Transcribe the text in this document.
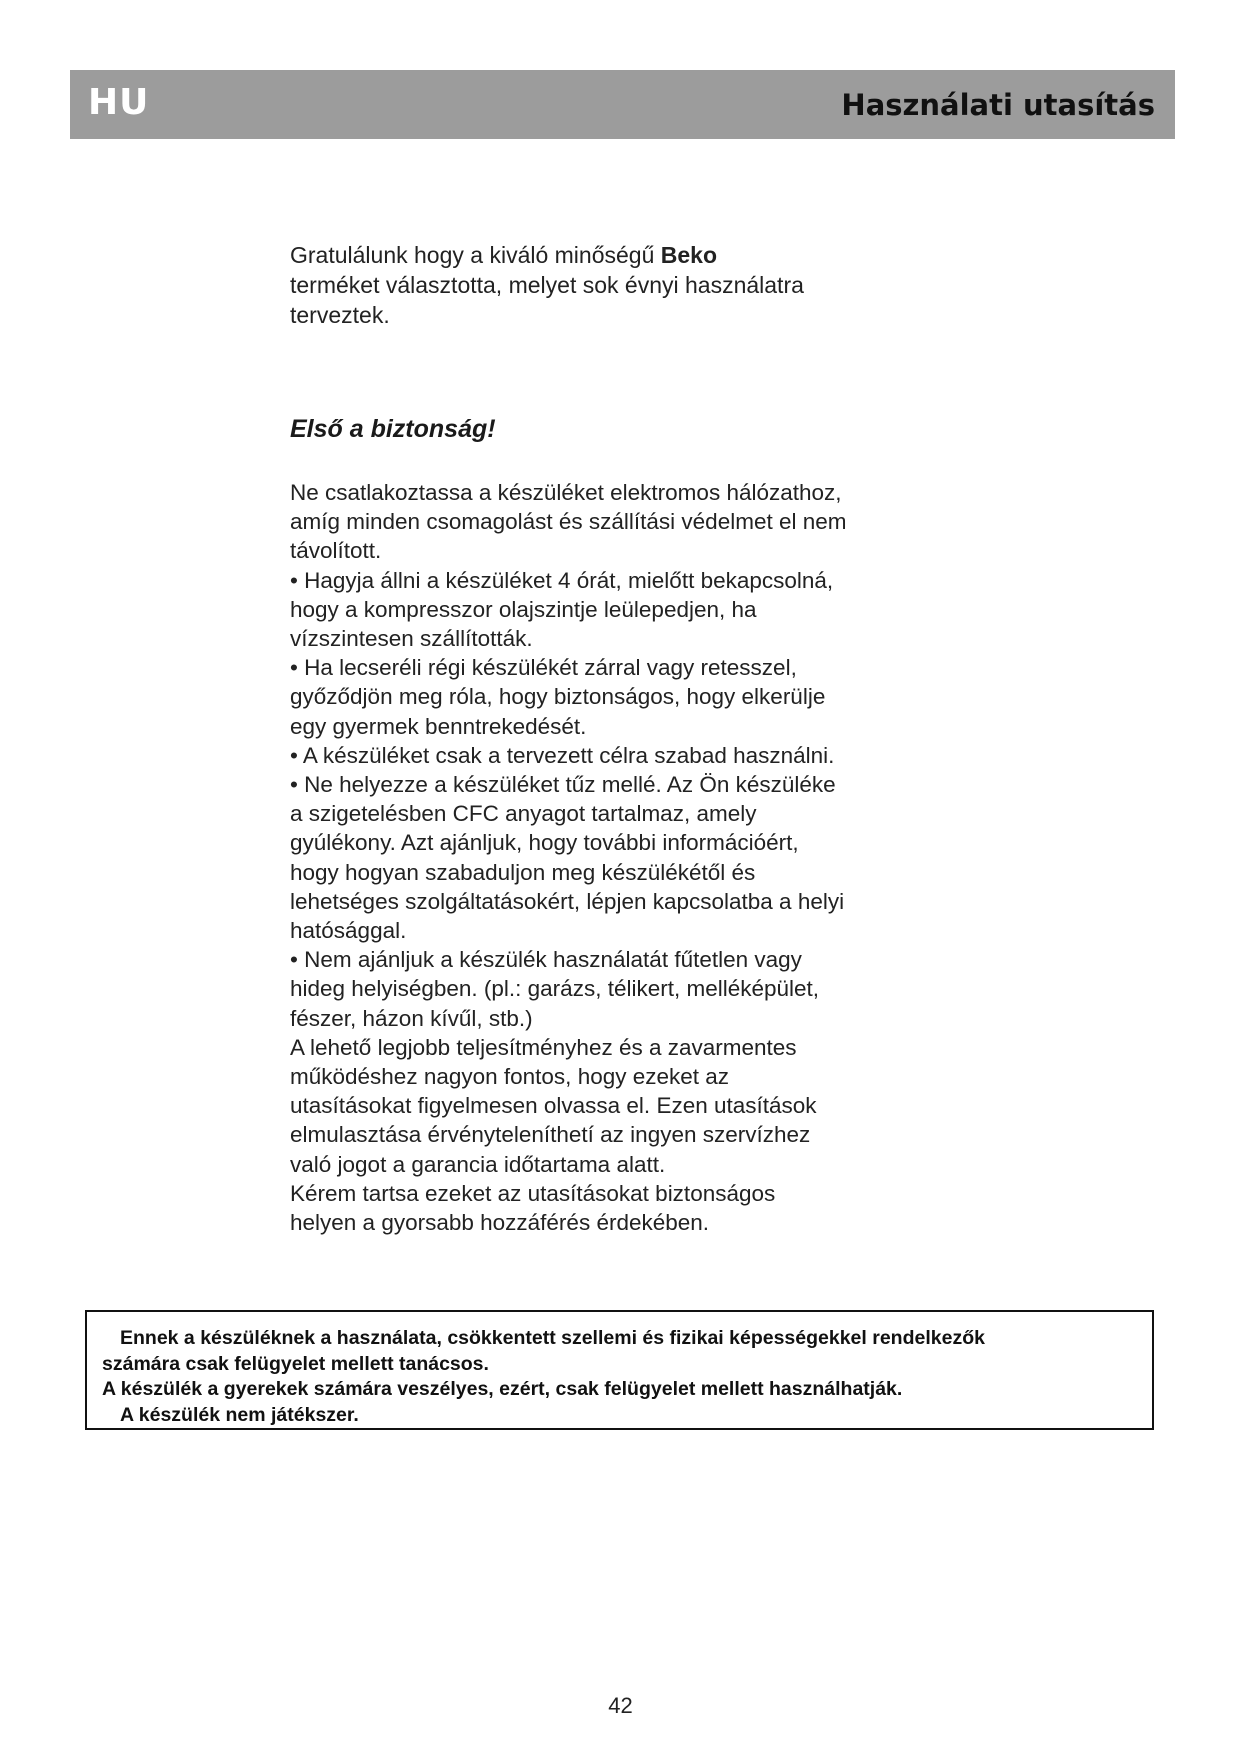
HU	Használati utasítás
Gratulálunk hogy a kiváló minőségű Beko
terméket választotta, melyet sok évnyi használatra
terveztek.
Első a biztonság!
Ne csatlakoztassa a készüléket elektromos hálózathoz,
amíg minden csomagolást és szállítási védelmet el nem
távolított.
• Hagyja állni a készüléket 4 órát, mielőtt bekapcsolná,
hogy a kompresszor olajszintje leülepedjen, ha
vízszintesen szállították.
• Ha lecseréli régi készülékét zárral vagy retesszel,
győződjön meg róla, hogy biztonságos, hogy elkerülje
egy gyermek benntrekedését.
• A készüléket csak a tervezett célra szabad használni.
• Ne helyezze a készüléket tűz mellé. Az Ön készüléke
a szigetelésben CFC anyagot tartalmaz, amely
gyúlékony. Azt ajánljuk, hogy további információért,
hogy hogyan szabaduljon meg készülékétől és
lehetséges szolgáltatásokért, lépjen kapcsolatba a helyi
hatósággal.
• Nem ajánljuk a készülék használatát fűtetlen vagy
hideg helyiségben. (pl.: garázs, télikert, melléképület,
fészer, házon kívűl, stb.)
A lehető legjobb teljesítményhez és a zavarmentes
működéshez nagyon fontos, hogy ezeket az
utasításokat figyelmesen olvassa el. Ezen utasítások
elmulasztása érvényteleníthetí az ingyen szervízhez
való jogot a garancia időtartama alatt.
Kérem tartsa ezeket az utasításokat biztonságos
helyen a gyorsabb hozzáférés érdekében.
Ennek a készüléknek a használata, csökkentett szellemi és fizikai képességekkel rendelkezők
számára csak felügyelet mellett tanácsos.
A készülék a gyerekek számára veszélyes, ezért, csak felügyelet mellett használhatják.
A készülék nem játékszer.
42
